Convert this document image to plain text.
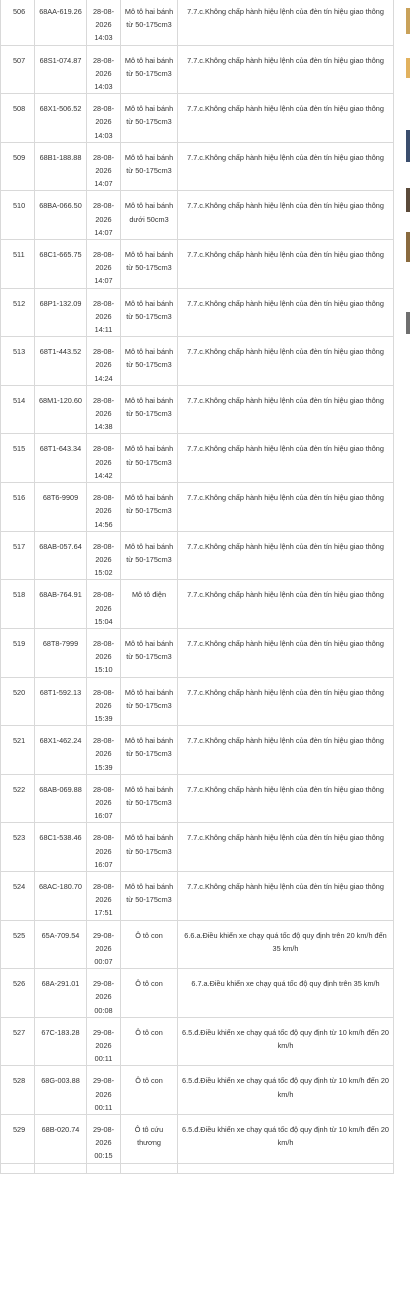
506	68AA-619.26	28-08-2026 14:03	Mô tô hai bánh từ 50-175cm3	7.7.c.Không chấp hành hiệu lệnh của đèn tín hiệu giao thông
507	68S1-074.87	28-08-2026 14:03	Mô tô hai bánh từ 50-175cm3	7.7.c.Không chấp hành hiệu lệnh của đèn tín hiệu giao thông
508	68X1-506.52	28-08-2026 14:03	Mô tô hai bánh từ 50-175cm3	7.7.c.Không chấp hành hiệu lệnh của đèn tín hiệu giao thông
509	68B1-188.88	28-08-2026 14:07	Mô tô hai bánh từ 50-175cm3	7.7.c.Không chấp hành hiệu lệnh của đèn tín hiệu giao thông
510	68BA-066.50	28-08-2026 14:07	Mô tô hai bánh dưới 50cm3	7.7.c.Không chấp hành hiệu lệnh của đèn tín hiệu giao thông
511	68C1-665.75	28-08-2026 14:07	Mô tô hai bánh từ 50-175cm3	7.7.c.Không chấp hành hiệu lệnh của đèn tín hiệu giao thông
512	68P1-132.09	28-08-2026 14:11	Mô tô hai bánh từ 50-175cm3	7.7.c.Không chấp hành hiệu lệnh của đèn tín hiệu giao thông
513	68T1-443.52	28-08-2026 14:24	Mô tô hai bánh từ 50-175cm3	7.7.c.Không chấp hành hiệu lệnh của đèn tín hiệu giao thông
514	68M1-120.60	28-08-2026 14:38	Mô tô hai bánh từ 50-175cm3	7.7.c.Không chấp hành hiệu lệnh của đèn tín hiệu giao thông
515	68T1-643.34	28-08-2026 14:42	Mô tô hai bánh từ 50-175cm3	7.7.c.Không chấp hành hiệu lệnh của đèn tín hiệu giao thông
516	68T6-9909	28-08-2026 14:56	Mô tô hai bánh từ 50-175cm3	7.7.c.Không chấp hành hiệu lệnh của đèn tín hiệu giao thông
517	68AB-057.64	28-08-2026 15:02	Mô tô hai bánh từ 50-175cm3	7.7.c.Không chấp hành hiệu lệnh của đèn tín hiệu giao thông
518	68AB-764.91	28-08-2026 15:04	Mô tô điện	7.7.c.Không chấp hành hiệu lệnh của đèn tín hiệu giao thông
519	68T8-7999	28-08-2026 15:10	Mô tô hai bánh từ 50-175cm3	7.7.c.Không chấp hành hiệu lệnh của đèn tín hiệu giao thông
520	68T1-592.13	28-08-2026 15:39	Mô tô hai bánh từ 50-175cm3	7.7.c.Không chấp hành hiệu lệnh của đèn tín hiệu giao thông
521	68X1-462.24	28-08-2026 15:39	Mô tô hai bánh từ 50-175cm3	7.7.c.Không chấp hành hiệu lệnh của đèn tín hiệu giao thông
522	68AB-069.88	28-08-2026 16:07	Mô tô hai bánh từ 50-175cm3	7.7.c.Không chấp hành hiệu lệnh của đèn tín hiệu giao thông
523	68C1-538.46	28-08-2026 16:07	Mô tô hai bánh từ 50-175cm3	7.7.c.Không chấp hành hiệu lệnh của đèn tín hiệu giao thông
524	68AC-180.70	28-08-2026 17:51	Mô tô hai bánh từ 50-175cm3	7.7.c.Không chấp hành hiệu lệnh của đèn tín hiệu giao thông
525	65A-709.54	29-08-2026 00:07	Ô tô con	6.6.a.Điều khiển xe chạy quá tốc độ quy định trên 20 km/h đến 35 km/h
526	68A-291.01	29-08-2026 00:08	Ô tô con	6.7.a.Điều khiển xe chạy quá tốc độ quy định trên 35 km/h
527	67C-183.28	29-08-2026 00:11	Ô tô con	6.5.đ.Điều khiển xe chạy quá tốc độ quy định từ 10 km/h đến 20 km/h
528	68G-003.88	29-08-2026 00:11	Ô tô con	6.5.đ.Điều khiển xe chạy quá tốc độ quy định từ 10 km/h đến 20 km/h
529	68B-020.74	29-08-2026 00:15	Ô tô cứu thương	6.5.đ.Điều khiển xe chạy quá tốc độ quy định từ 10 km/h đến 20 km/h
